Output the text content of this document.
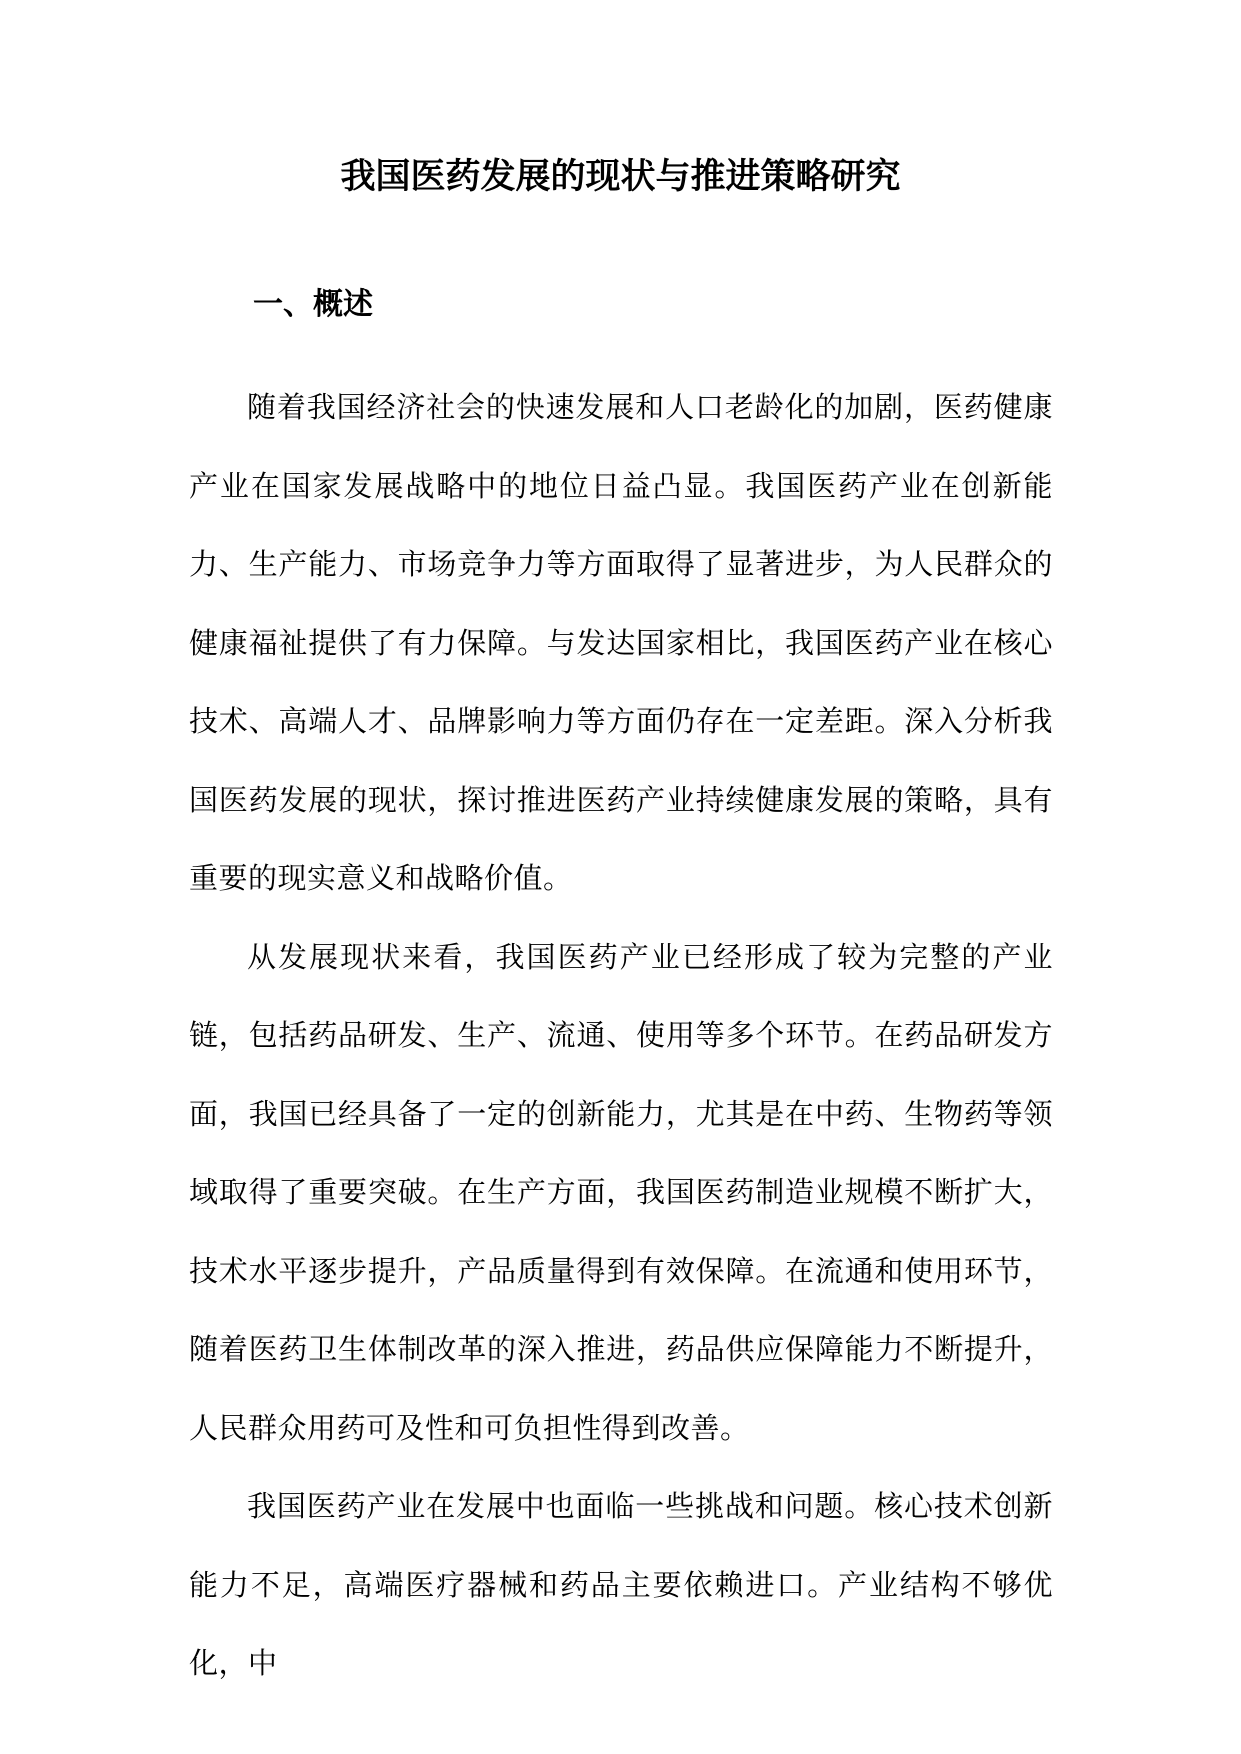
我国医药发展的现状与推进策略研究
一、概述

随着我国经济社会的快速发展和人口老龄化的加剧，医药健康产业在国家发展战略中的地位日益凸显。我国医药产业在创新能力、生产能力、市场竞争力等方面取得了显著进步，为人民群众的健康福祉提供了有力保障。与发达国家相比，我国医药产业在核心技术、高端人才、品牌影响力等方面仍存在一定差距。深入分析我国医药发展的现状，探讨推进医药产业持续健康发展的策略，具有重要的现实意义和战略价值。

从发展现状来看，我国医药产业已经形成了较为完整的产业链，包括药品研发、生产、流通、使用等多个环节。在药品研发方面，我国已经具备了一定的创新能力，尤其是在中药、生物药等领域取得了重要突破。在生产方面，我国医药制造业规模不断扩大，技术水平逐步提升，产品质量得到有效保障。在流通和使用环节，随着医药卫生体制改革的深入推进，药品供应保障能力不断提升，人民群众用药可及性和可负担性得到改善。

我国医药产业在发展中也面临一些挑战和问题。核心技术创新能力不足，高端医疗器械和药品主要依赖进口。产业结构不够优化，中
